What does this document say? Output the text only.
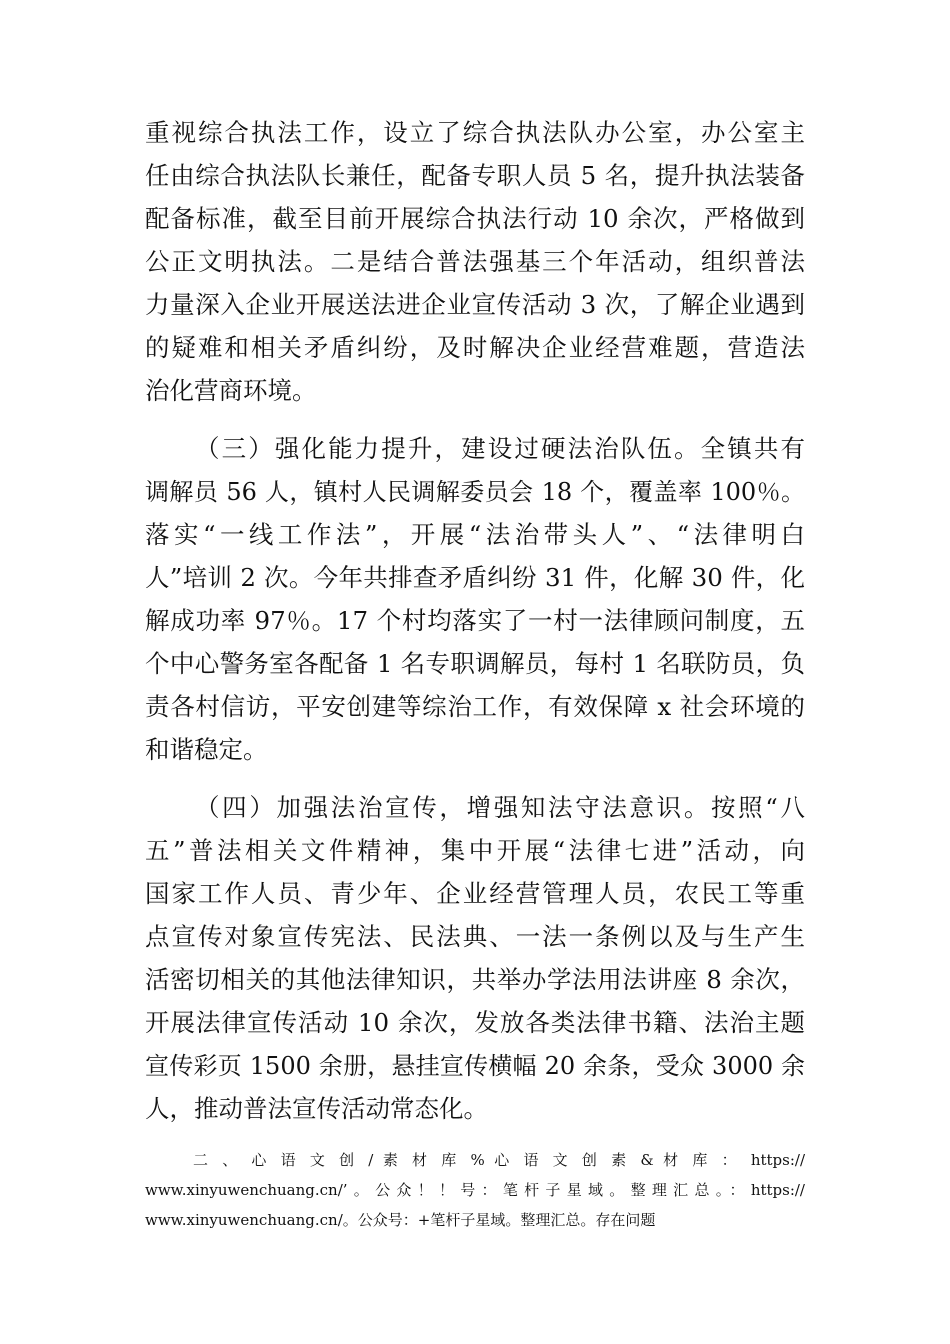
重视综合执法工作，设立了综合执法队办公室，办公室主
任由综合执法队长兼任，配备专职人员 5 名，提升执法装备
配备标准，截至目前开展综合执法行动 10 余次，严格做到
公正文明执法。二是结合普法强基三个年活动，组织普法
力量深入企业开展送法进企业宣传活动 3 次，了解企业遇到
的疑难和相关矛盾纠纷，及时解决企业经营难题，营造法
治化营商环境。
（三）强化能力提升，建设过硬法治队伍。全镇共有
调解员 56 人，镇村人民调解委员会 18 个，覆盖率 100％。
落实“一线工作法”，开展“法治带头人”、“法律明白
人”培训 2 次。今年共排查矛盾纠纷 31 件，化解 30 件，化
解成功率 97％。17 个村均落实了一村一法律顾问制度，五
个中心警务室各配备 1 名专职调解员，每村 1 名联防员，负
责各村信访，平安创建等综治工作，有效保障 x 社会环境的
和谐稳定。
（四）加强法治宣传，增强知法守法意识。按照“八
五”普法相关文件精神，集中开展“法律七进”活动，向
国家工作人员、青少年、企业经营管理人员，农民工等重
点宣传对象宣传宪法、民法典、一法一条例以及与生产生
活密切相关的其他法律知识，共举办学法用法讲座 8 余次，
开展法律宣传活动 10 余次，发放各类法律书籍、法治主题
宣传彩页 1500 余册，悬挂宣传横幅 20 余条，受众 3000 余
人，推动普法宣传活动常态化。
二 、 心 语 文 创 / 素 材 库 % 心 语 文 创 素 & 材 库 ： https://
www.xinyuwenchuang.cn/’。公众！！号：笔杆子星域。整理汇总。：https://
www.xinyuwenchuang.cn/。公众号：+笔杆子星域。整理汇总。存在问题
